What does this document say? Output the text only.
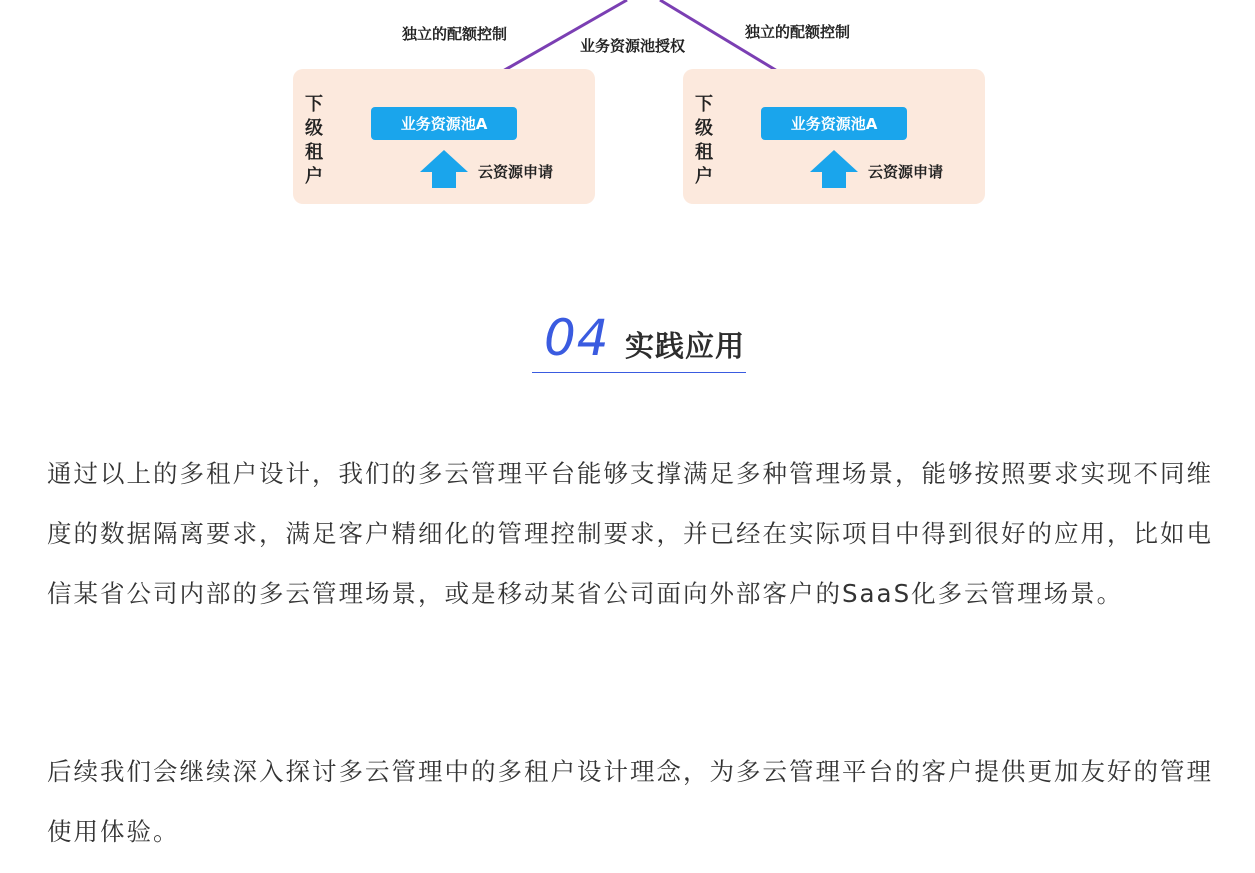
独立的配额控制
业务资源池授权
独立的配额控制
下
级
租
户
业务资源池A
云资源申请
下
级
租
户
业务资源池A
云资源申请
04 实践应用

通过以上的多租户设计，我们的多云管理平台能够支撑满足多种管理场景，能够按照要求实现不同维度的数据隔离要求，满足客户精细化的管理控制要求，并已经在实际项目中得到很好的应用，比如电信某省公司内部的多云管理场景，或是移动某省公司面向外部客户的SaaS化多云管理场景。

后续我们会继续深入探讨多云管理中的多租户设计理念，为多云管理平台的客户提供更加友好的管理使用体验。
